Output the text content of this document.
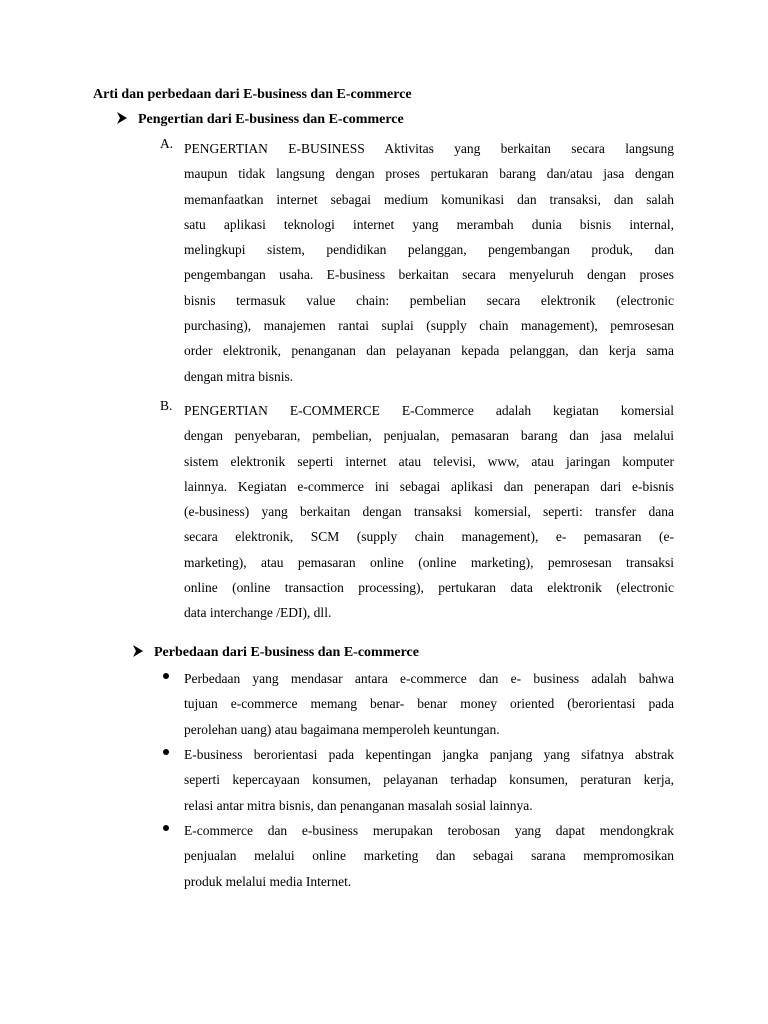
Arti dan perbedaan dari E-business dan E-commerce
Pengertian dari E-business dan E-commerce
A. PENGERTIAN E-BUSINESS Aktivitas yang berkaitan secara langsung
maupun tidak langsung dengan proses pertukaran barang dan/atau jasa dengan
memanfaatkan internet sebagai medium komunikasi dan transaksi, dan salah
satu aplikasi teknologi internet yang merambah dunia bisnis internal,
melingkupi sistem, pendidikan pelanggan, pengembangan produk, dan
pengembangan usaha. E-business berkaitan secara menyeluruh dengan proses
bisnis termasuk value chain: pembelian secara elektronik (electronic
purchasing), manajemen rantai suplai (supply chain management), pemrosesan
order elektronik, penanganan dan pelayanan kepada pelanggan, dan kerja sama
dengan mitra bisnis.
B. PENGERTIAN E-COMMERCE E-Commerce adalah kegiatan komersial
dengan penyebaran, pembelian, penjualan, pemasaran barang dan jasa melalui
sistem elektronik seperti internet atau televisi, www, atau jaringan komputer
lainnya. Kegiatan e-commerce ini sebagai aplikasi dan penerapan dari e-bisnis
(e-business) yang berkaitan dengan transaksi komersial, seperti: transfer dana
secara elektronik, SCM (supply chain management), e- pemasaran (e-
marketing), atau pemasaran online (online marketing), pemrosesan transaksi
online (online transaction processing), pertukaran data elektronik (electronic
data interchange /EDI), dll.
Perbedaan dari E-business dan E-commerce
Perbedaan yang mendasar antara e-commerce dan e- business adalah bahwa
tujuan e-commerce memang benar- benar money oriented (berorientasi pada
perolehan uang) atau bagaimana memperoleh keuntungan.
E-business berorientasi pada kepentingan jangka panjang yang sifatnya abstrak
seperti kepercayaan konsumen, pelayanan terhadap konsumen, peraturan kerja,
relasi antar mitra bisnis, dan penanganan masalah sosial lainnya.
E-commerce dan e-business merupakan terobosan yang dapat mendongkrak
penjualan melalui online marketing dan sebagai sarana mempromosikan
produk melalui media Internet.
